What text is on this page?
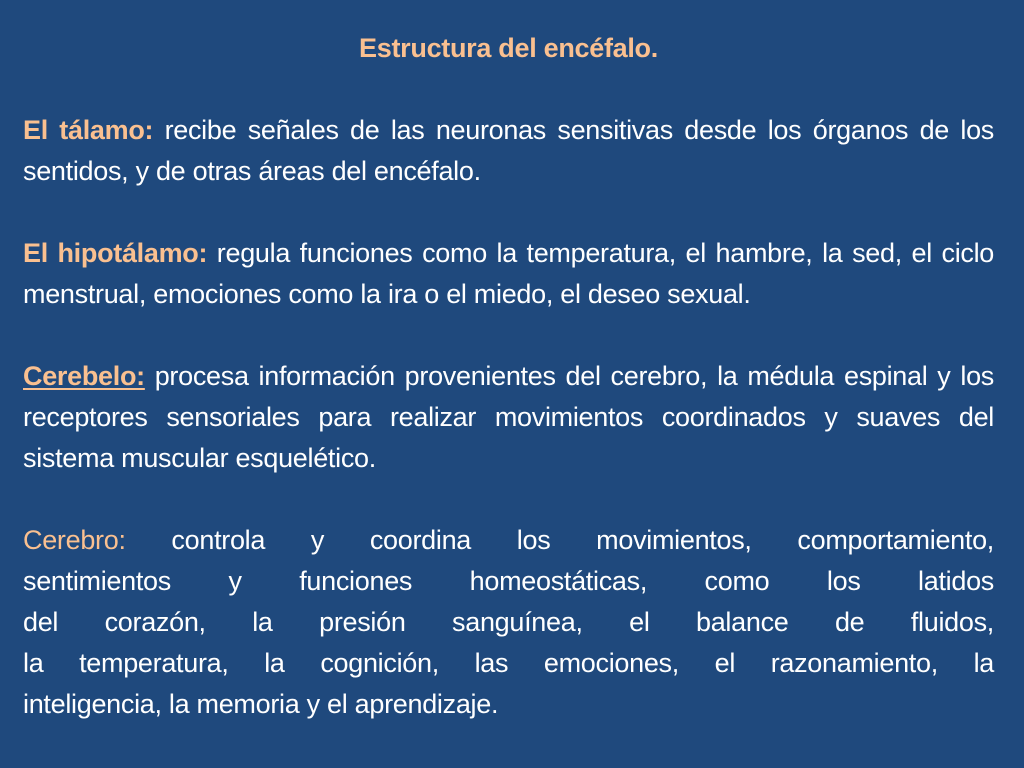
Estructura del encéfalo.

El tálamo: recibe señales de las neuronas sensitivas desde los órganos de los sentidos, y de otras áreas del encéfalo.

El hipotálamo: regula funciones como la temperatura, el hambre, la sed, el ciclo menstrual, emociones como la ira o el miedo, el deseo sexual.

Cerebelo: procesa información provenientes del cerebro, la médula espinal y los receptores sensoriales para realizar movimientos coordinados y suaves del sistema muscular esquelético.

Cerebro: controla y coordina los movimientos, comportamiento,
sentimientos y funciones homeostáticas, como los latidos
del corazón, la presión sanguínea, el balance de fluidos,
la temperatura, la cognición, las emociones, el razonamiento, la
inteligencia, la memoria y el aprendizaje.
